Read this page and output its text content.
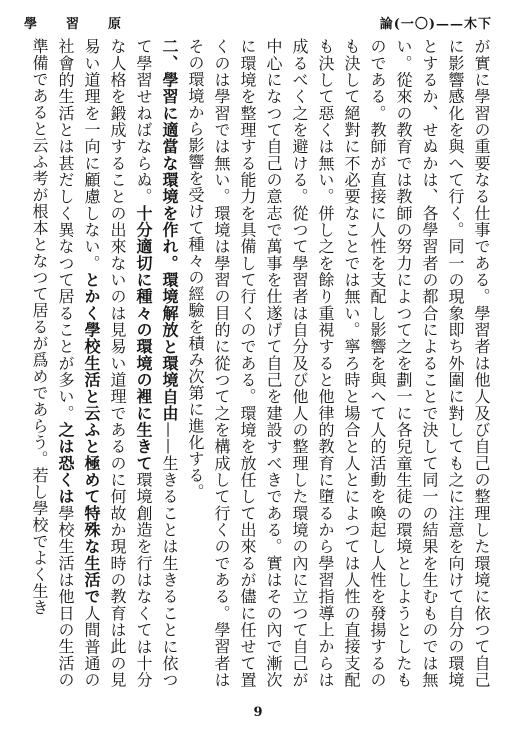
學 習 原	論(一〇)——木下

が實に學習の重要なる仕事である。學習者は他人及び自己の整理した環境に依つて自己に影響感化を與へて行く。同一の現象即ち外圍に對しても之に注意を向けて自分の環境とするか、せぬかは、各學習者の都合によることで決して同一の結果を生むものでは無い。從來の教育では教師の努力によつて之を劃一に各兒童生徒の環境としようとしたものである。教師が直接に人性を支配し影響を與へて人的活動を喚起し人性を發揚するのも決して絕對に不必要なことでは無い。寧ろ時と場合と人とによつては人性の直接支配も決して惡くは無い。併し之を餘り重視すると他律的教育に墮るから學習指導上からは成るべく之を避ける。從つて學習者は自分及び他人の整理した環境の內に立つて自己が中心になつて自己の意志で萬事を仕遂げて自己を建設すべきである。實はその內で漸次に環境を整理する能力を具備して行くのである。環境を放任して出來るが儘に任せて置くのは學習では無い。環境は學習の目的に從つて之を構成して行くのである。學習者はその環境から影響を受けて種々の經驗を積み次第に進化する。

二、學習に適當な環境を作れ。環境解放と環境自由——生きることは生きることに依つて學習せねばならぬ。十分適切に種々の環境の裡に生きて環境創造を行はなくては十分な人格を鍛成することの出來ないのは見易い道理であるのに何故か現時の教育は此の見易い道理を一向に顧慮しない。とかく學校生活と云ふと極めて特殊な生活で人間普通の社會的生活とは甚だしく異なつて居ることが多い。之は恐くは學校生活は他日の生活の準備であると云ふ考が根本となつて居るが爲めであらう。若し學校でよく生き

9
